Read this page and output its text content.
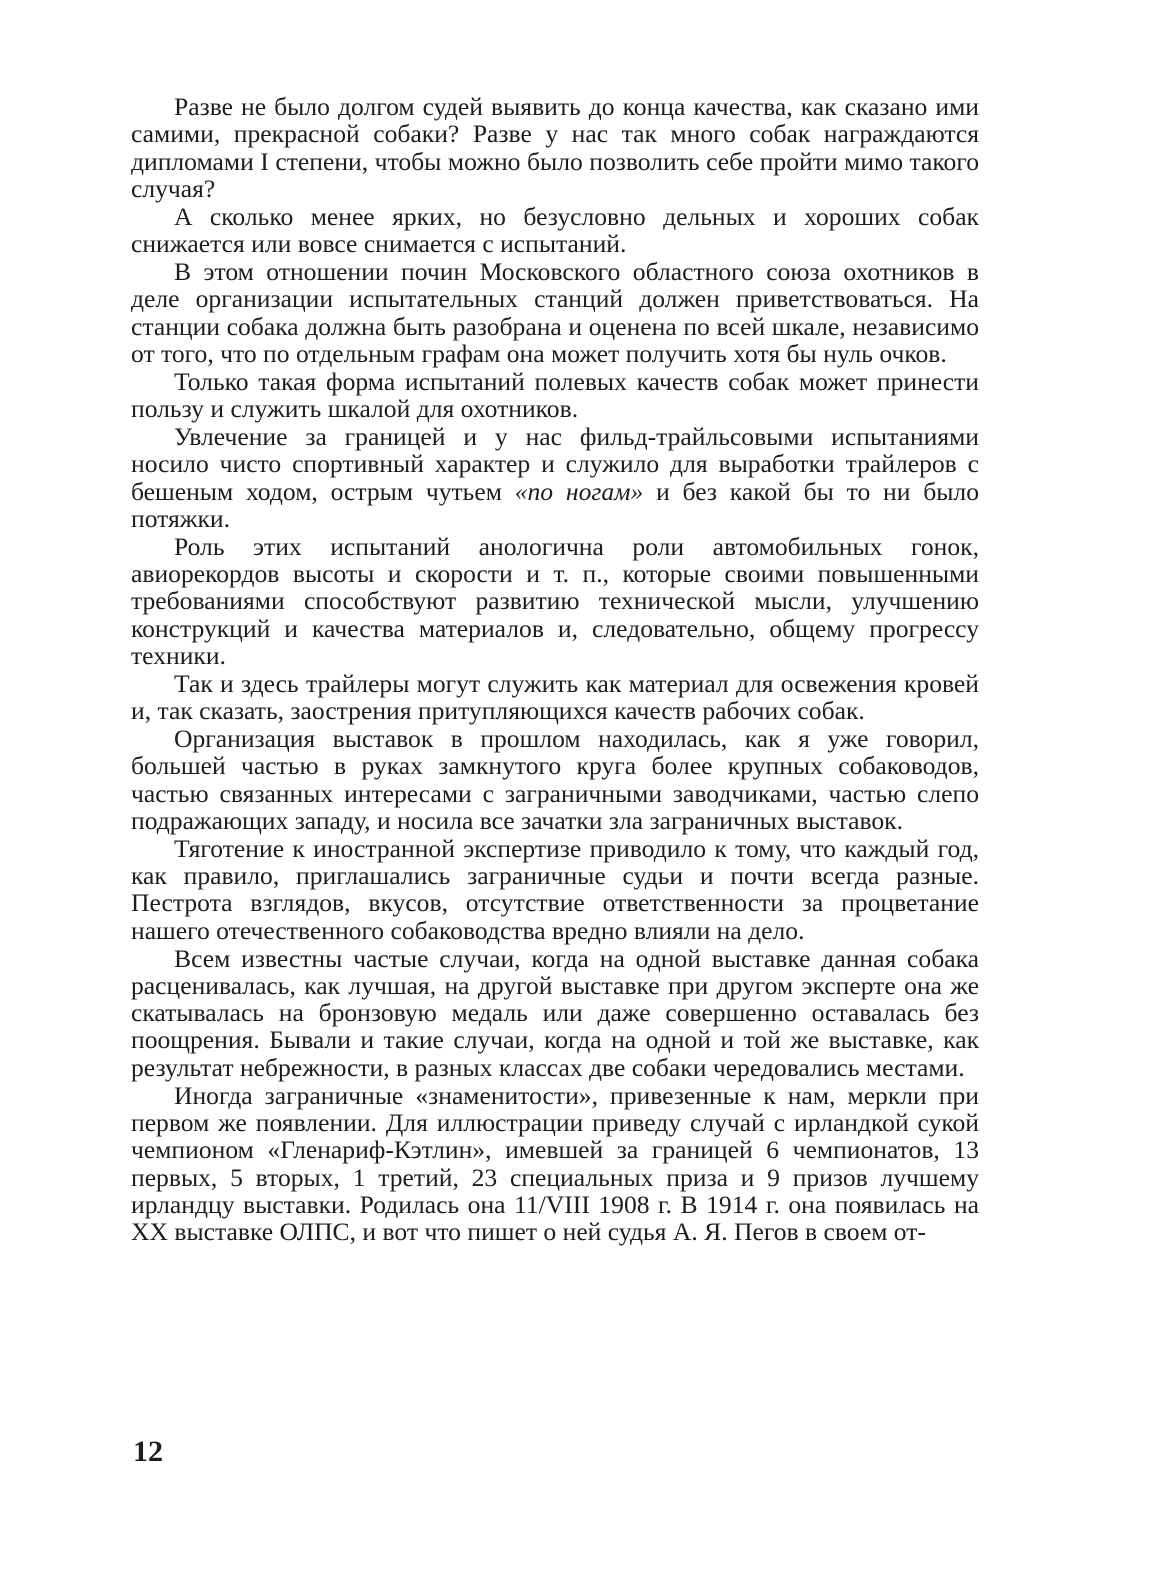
Разве не было долгом судей выявить до конца качества, как сказано ими самими, прекрасной собаки? Разве у нас так много собак награждаются дипломами I степени, чтобы можно было позволить себе пройти мимо такого случая?

А сколько менее ярких, но безусловно дельных и хороших собак снижается или вовсе снимается с испытаний.

В этом отношении почин Московского областного союза охотников в деле организации испытательных станций должен приветствоваться. На станции собака должна быть разобрана и оценена по всей шкале, независимо от того, что по отдельным графам она может получить хотя бы нуль очков.

Только такая форма испытаний полевых качеств собак может принести пользу и служить шкалой для охотников.

Увлечение за границей и у нас фильд-трайльсовыми испытаниями носило чисто спортивный характер и служило для выработки трайлеров с бешеным ходом, острым чутьем «по ногам» и без какой бы то ни было потяжки.

Роль этих испытаний анологична роли автомобильных гонок, авиорекордов высоты и скорости и т. п., которые своими повышенными требованиями способствуют развитию технической мысли, улучшению конструкций и качества материалов и, следовательно, общему прогрессу техники.

Так и здесь трайлеры могут служить как материал для освежения кровей и, так сказать, заострения притупляющихся качеств рабочих собак.

Организация выставок в прошлом находилась, как я уже говорил, большей частью в руках замкнутого круга более крупных собаководов, частью связанных интересами с заграничными заводчиками, частью слепо подражающих западу, и носила все зачатки зла заграничных выставок.

Тяготение к иностранной экспертизе приводило к тому, что каждый год, как правило, приглашались заграничные судьи и почти всегда разные. Пестрота взглядов, вкусов, отсутствие ответственности за процветание нашего отечественного собаководства вредно влияли на дело.

Всем известны частые случаи, когда на одной выставке данная собака расценивалась, как лучшая, на другой выставке при другом эксперте она же скатывалась на бронзовую медаль или даже совершенно оставалась без поощрения. Бывали и такие случаи, когда на одной и той же выставке, как результат небрежности, в разных классах две собаки чередовались местами.

Иногда заграничные «знаменитости», привезенные к нам, меркли при первом же появлении. Для иллюстрации приведу случай с ирландкой сукой чемпионом «Гленариф-Кэтлин», имевшей за границей 6 чемпионатов, 13 первых, 5 вторых, 1 третий, 23 специальных приза и 9 призов лучшему ирландцу выставки. Родилась она 11/VIII 1908 г. В 1914 г. она появилась на XX выставке ОЛПС, и вот что пишет о ней судья А. Я. Пегов в своем от-

12
